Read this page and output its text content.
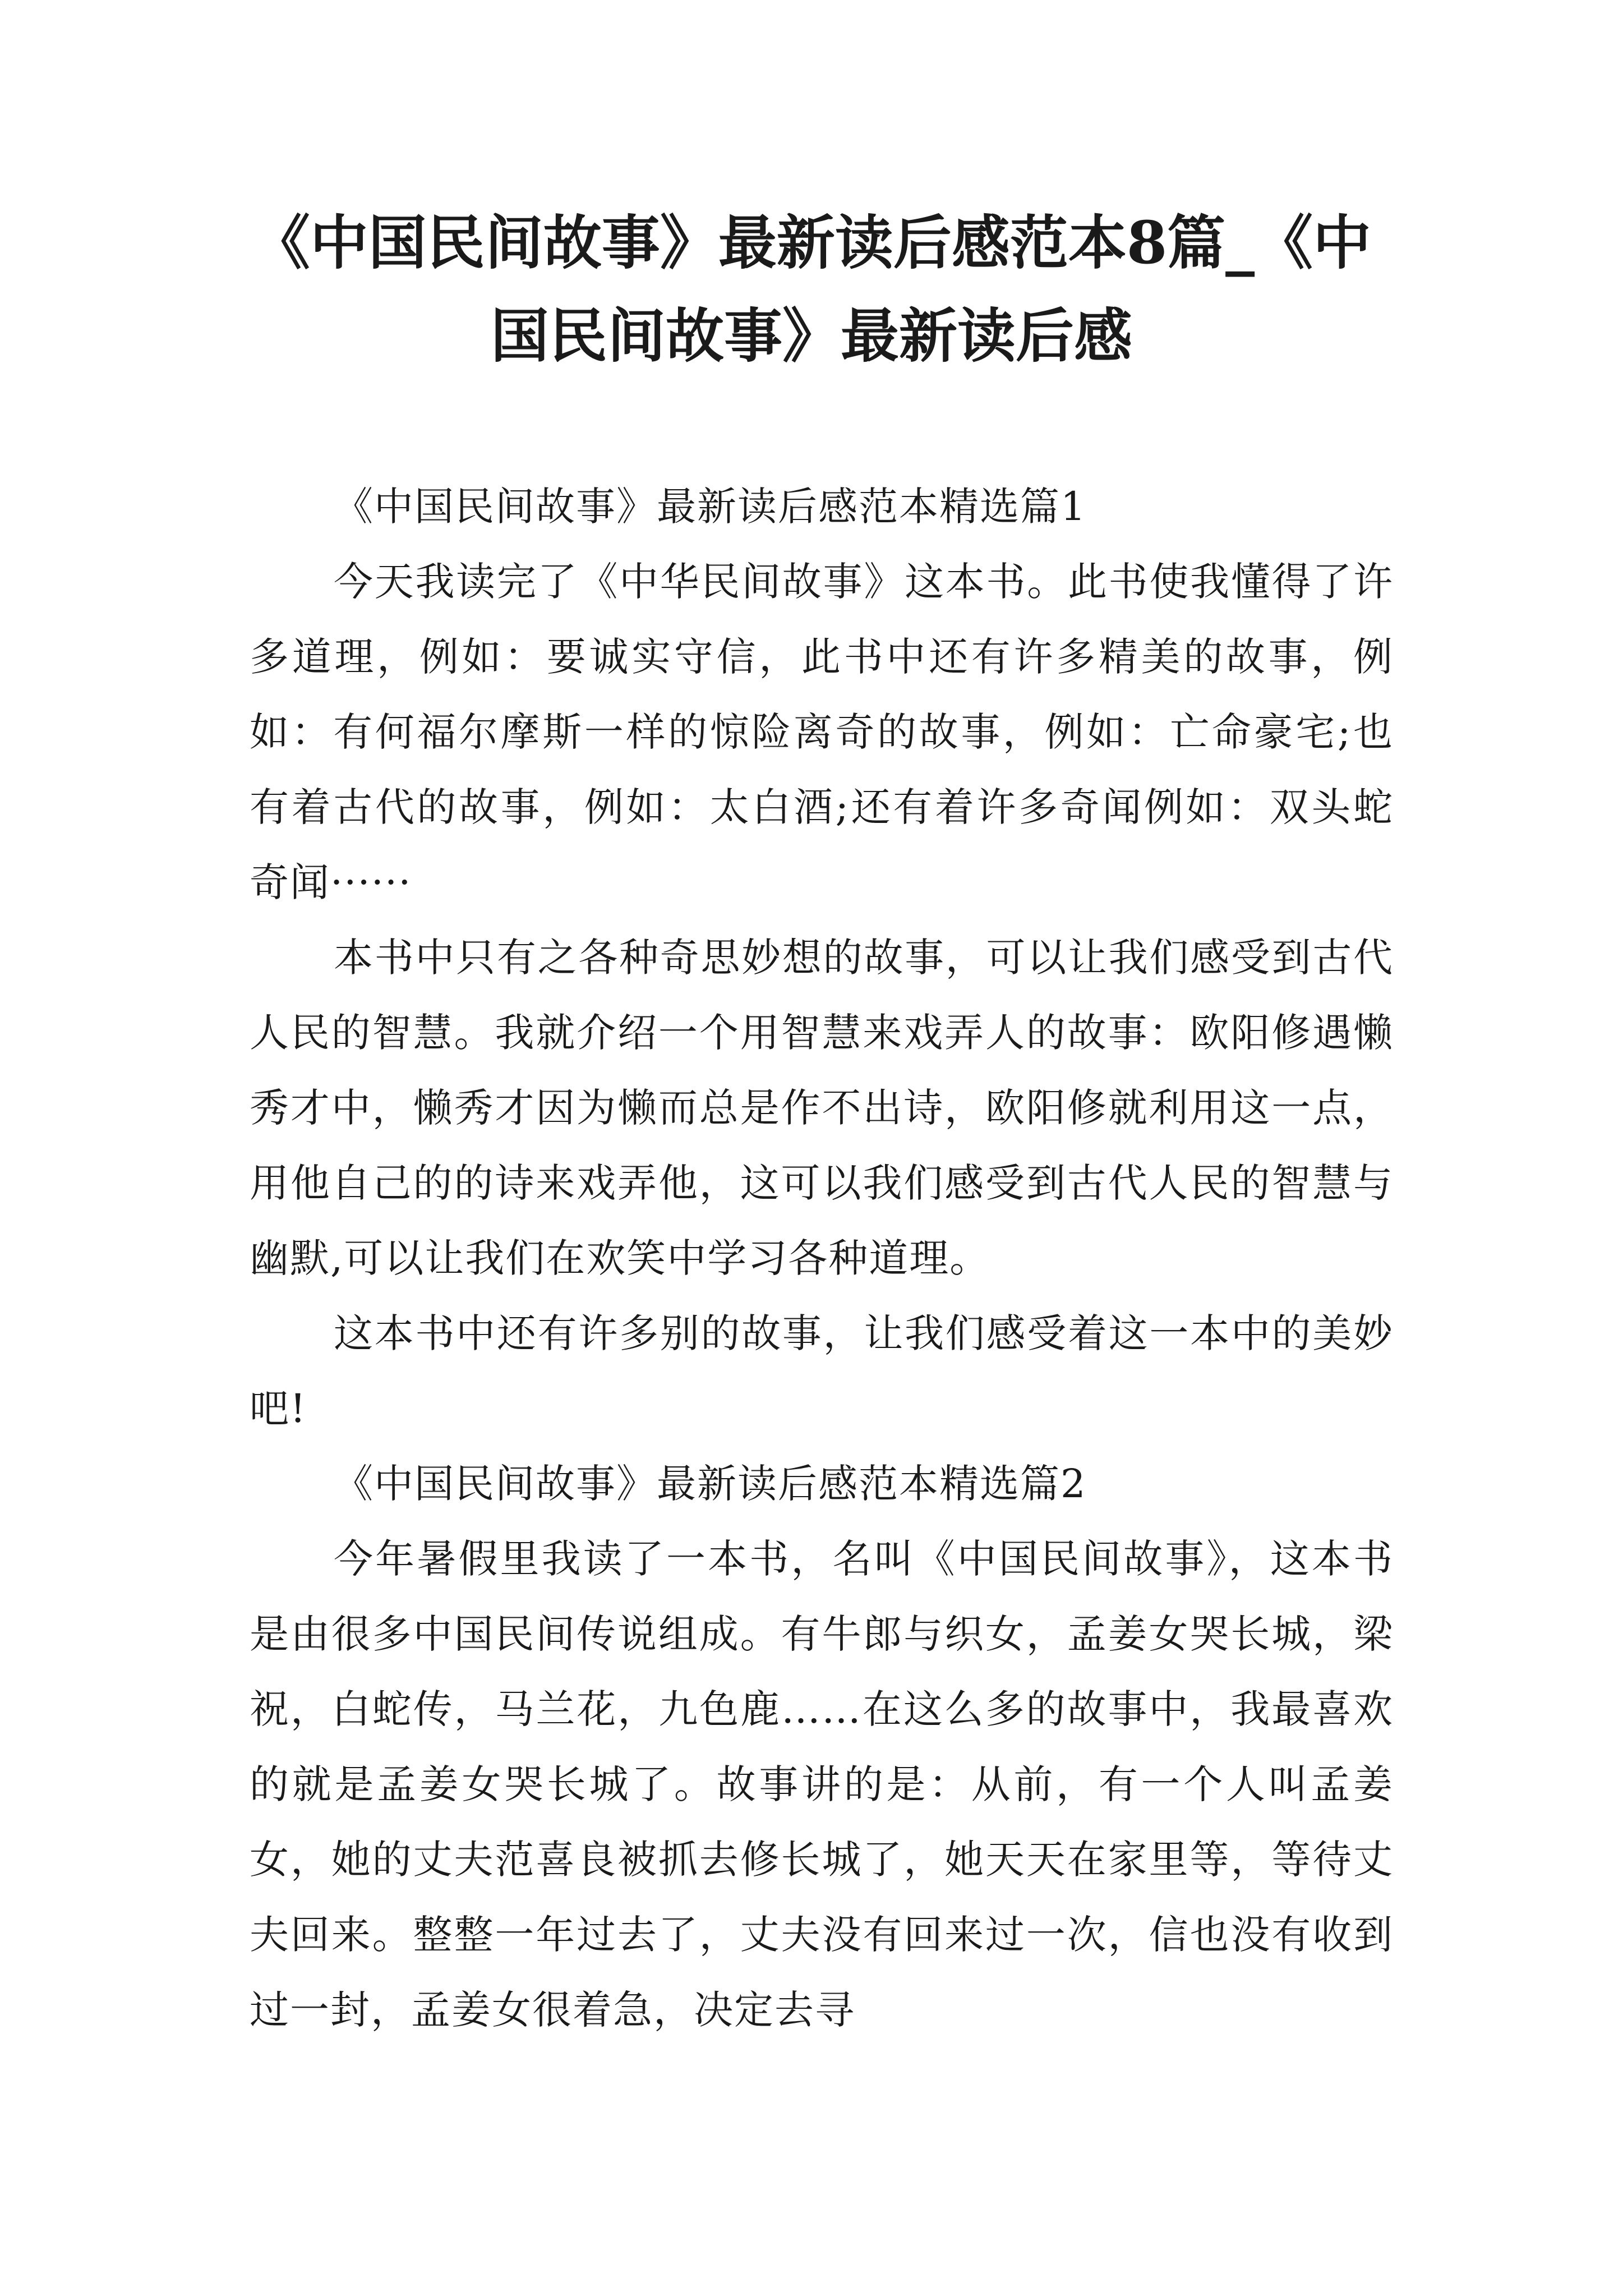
《中国民间故事》最新读后感范本8篇_《中
国民间故事》最新读后感

《中国民间故事》最新读后感范本精选篇1

今天我读完了《中华民间故事》这本书。此书使我懂得了许多道理，例如：要诚实守信，此书中还有许多精美的故事，例如：有何福尔摩斯一样的惊险离奇的故事，例如：亡命豪宅;也有着古代的故事，例如：太白酒;还有着许多奇闻例如：双头蛇奇闻······

本书中只有之各种奇思妙想的故事，可以让我们感受到古代人民的智慧。我就介绍一个用智慧来戏弄人的故事：欧阳修遇懒秀才中，懒秀才因为懒而总是作不出诗，欧阳修就利用这一点，用他自己的的诗来戏弄他，这可以我们感受到古代人民的智慧与幽默,可以让我们在欢笑中学习各种道理。

这本书中还有许多别的故事，让我们感受着这一本中的美妙吧!

《中国民间故事》最新读后感范本精选篇2

今年暑假里我读了一本书，名叫《中国民间故事》，这本书是由很多中国民间传说组成。有牛郎与织女，孟姜女哭长城，梁祝，白蛇传，马兰花，九色鹿……在这么多的故事中，我最喜欢的就是孟姜女哭长城了。故事讲的是：从前，有一个人叫孟姜女，她的丈夫范喜良被抓去修长城了，她天天在家里等，等待丈夫回来。整整一年过去了，丈夫没有回来过一次，信也没有收到过一封，孟姜女很着急，决定去寻
